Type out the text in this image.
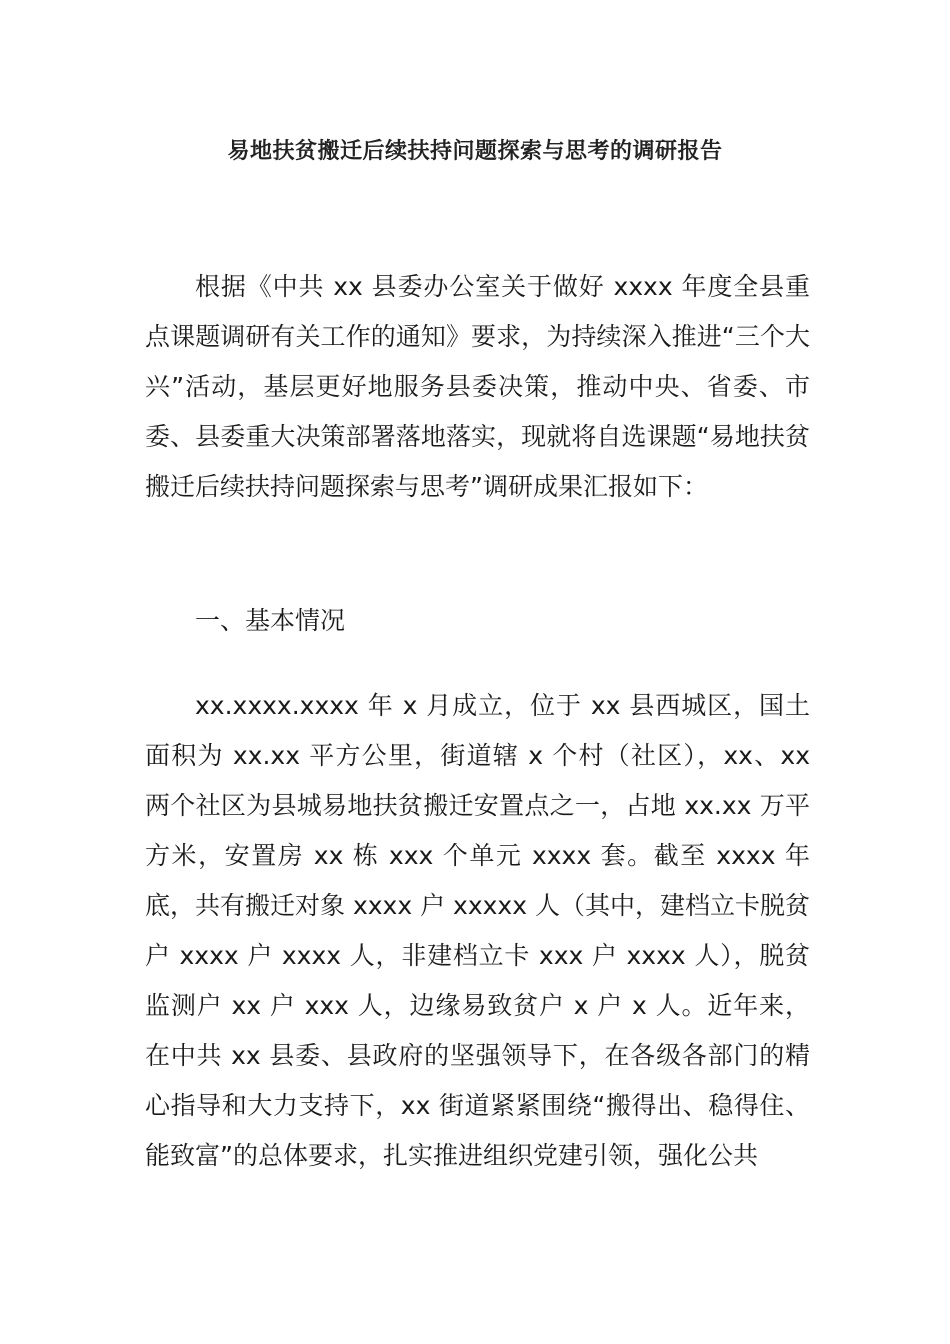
易地扶贫搬迁后续扶持问题探索与思考的调研报告

根据《中共 xx 县委办公室关于做好 xxxx 年度全县重点课题调研有关工作的通知》要求，为持续深入推进“三个大兴”活动，基层更好地服务县委决策，推动中央、省委、市委、县委重大决策部署落地落实，现就将自选课题“易地扶贫搬迁后续扶持问题探索与思考”调研成果汇报如下：

一、基本情况

xx.xxxx.xxxx 年 x 月成立，位于 xx 县西城区，国土面积为 xx.xx 平方公里，街道辖 x 个村（社区），xx、xx 两个社区为县城易地扶贫搬迁安置点之一，占地 xx.xx 万平方米，安置房 xx 栋 xxx 个单元 xxxx 套。截至 xxxx 年底，共有搬迁对象 xxxx 户 xxxxx 人（其中，建档立卡脱贫户 xxxx 户 xxxx 人，非建档立卡 xxx 户 xxxx 人），脱贫监测户 xx 户 xxx 人，边缘易致贫户 x 户 x 人。近年来，在中共 xx 县委、县政府的坚强领导下，在各级各部门的精心指导和大力支持下，xx 街道紧紧围绕“搬得出、稳得住、能致富”的总体要求，扎实推进组织党建引领，强化公共
